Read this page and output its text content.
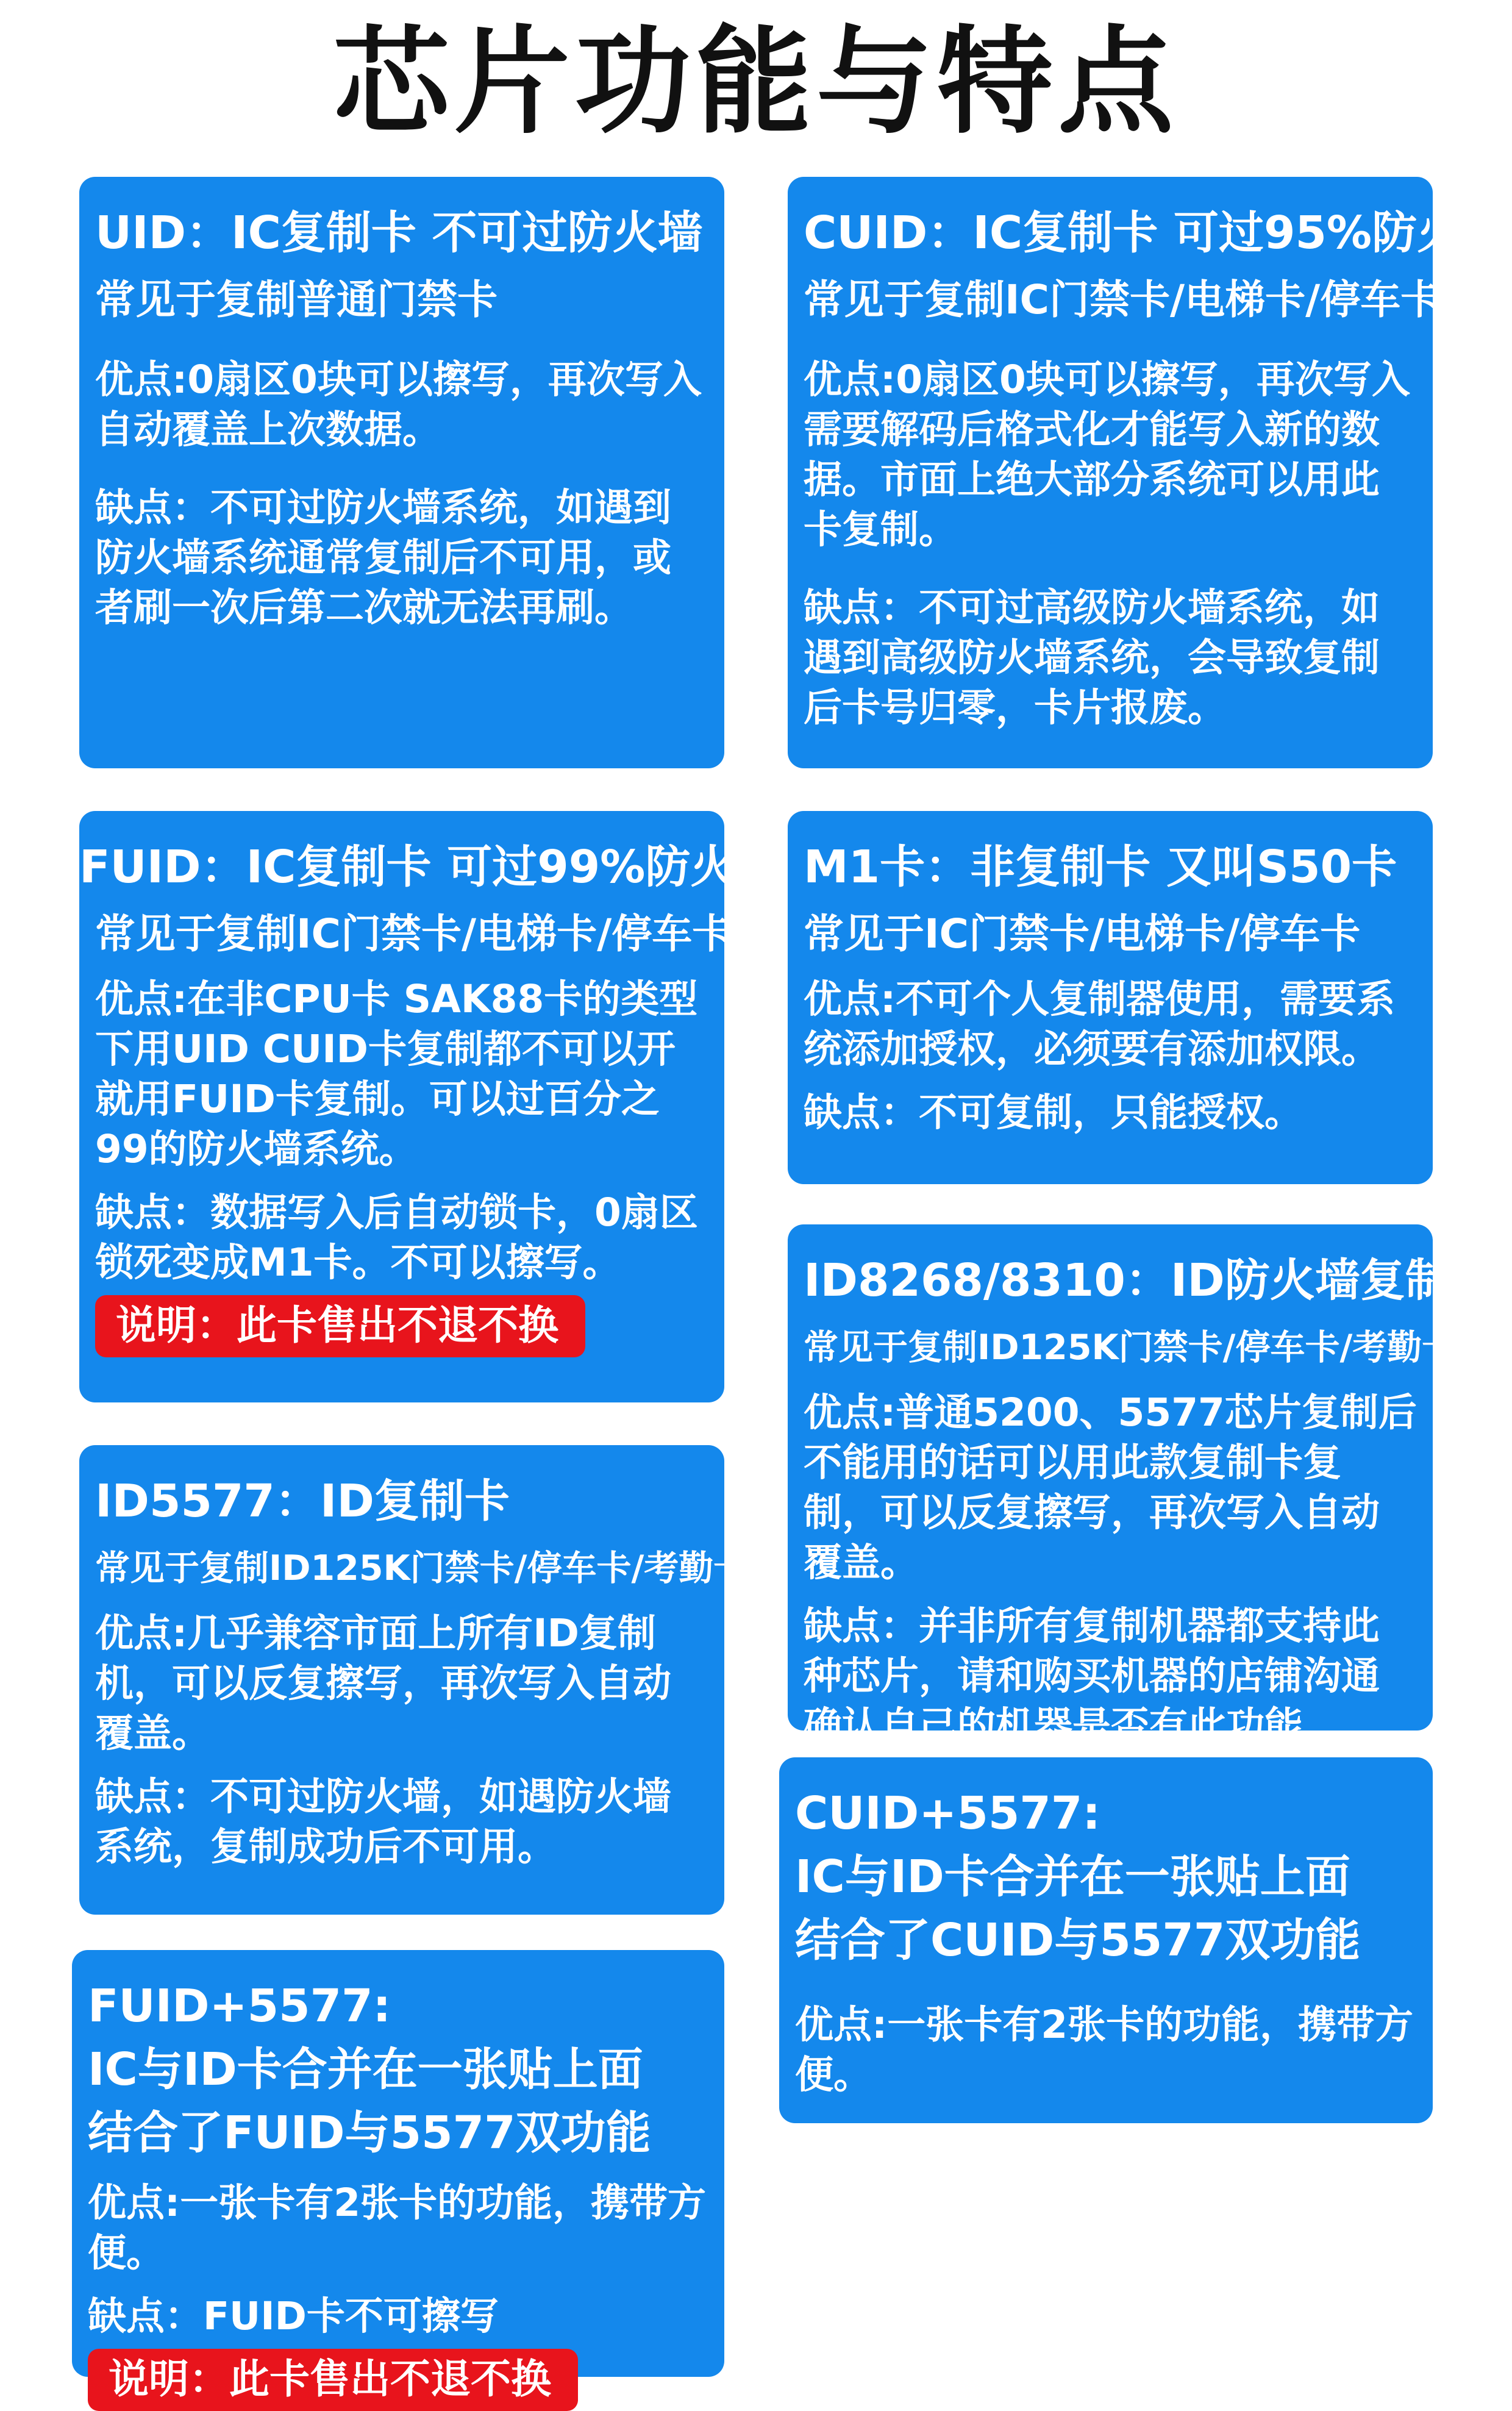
芯片功能与特点

UID：IC复制卡 不可过防火墙

常见于复制普通门禁卡

优点:0扇区0块可以擦写，再次写入自动覆盖上次数据。

缺点：不可过防火墙系统，如遇到防火墙系统通常复制后不可用，或者刷一次后第二次就无法再刷。

CUID：IC复制卡 可过95%防火墙

常见于复制IC门禁卡/电梯卡/停车卡

优点:0扇区0块可以擦写，再次写入需要解码后格式化才能写入新的数据。市面上绝大部分系统可以用此卡复制。

缺点：不可过高级防火墙系统，如遇到高级防火墙系统，会导致复制后卡号归零，卡片报废。

FUID：IC复制卡 可过99%防火墙

常见于复制IC门禁卡/电梯卡/停车卡

优点:在非CPU卡 SAK88卡的类型下用UID CUID卡复制都不可以开就用FUID卡复制。可以过百分之99的防火墙系统。

缺点：数据写入后自动锁卡，0扇区锁死变成M1卡。不可以擦写。

说明：此卡售出不退不换

M1卡：非复制卡 又叫S50卡

常见于IC门禁卡/电梯卡/停车卡

优点:不可个人复制器使用，需要系统添加授权，必须要有添加权限。

缺点：不可复制，只能授权。

ID8268/8310：ID防火墙复制卡

常见于复制ID125K门禁卡/停车卡/考勤卡

优点:普通5200、5577芯片复制后不能用的话可以用此款复制卡复制，可以反复擦写，再次写入自动覆盖。

缺点：并非所有复制机器都支持此种芯片，请和购买机器的店铺沟通确认自己的机器是否有此功能。

ID5577：ID复制卡

常见于复制ID125K门禁卡/停车卡/考勤卡

优点:几乎兼容市面上所有ID复制机，可以反复擦写，再次写入自动覆盖。

缺点：不可过防火墙，如遇防火墙系统，复制成功后不可用。

CUID+5577:

IC与ID卡合并在一张贴上面

结合了CUID与5577双功能

优点:一张卡有2张卡的功能，携带方便。

FUID+5577:

IC与ID卡合并在一张贴上面

结合了FUID与5577双功能

优点:一张卡有2张卡的功能，携带方便。

缺点：FUID卡不可擦写

说明：此卡售出不退不换
